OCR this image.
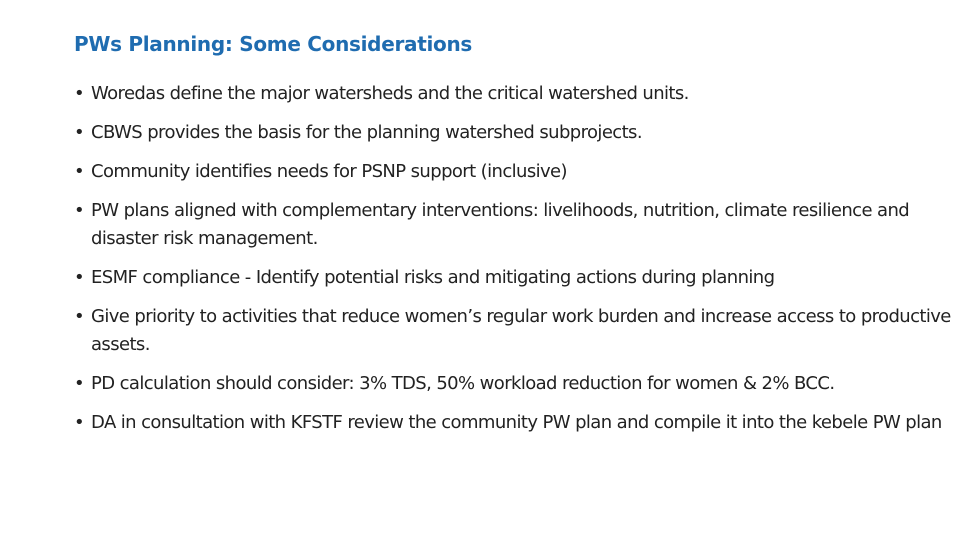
PWs Planning: Some Considerations
• Woredas define the major watersheds and the critical watershed units.
• CBWS provides the basis for the planning watershed subprojects.
• Community identifies needs for PSNP support (inclusive)
• PW plans aligned with complementary interventions: livelihoods, nutrition, climate resilience and disaster risk management.
• ESMF compliance - Identify potential risks and mitigating actions during planning
• Give priority to activities that reduce women’s regular work burden and increase access to productive assets.
• PD calculation should consider: 3% TDS, 50% workload reduction for women & 2% BCC.
• DA in consultation with KFSTF review the community PW plan and compile it into the kebele PW plan
